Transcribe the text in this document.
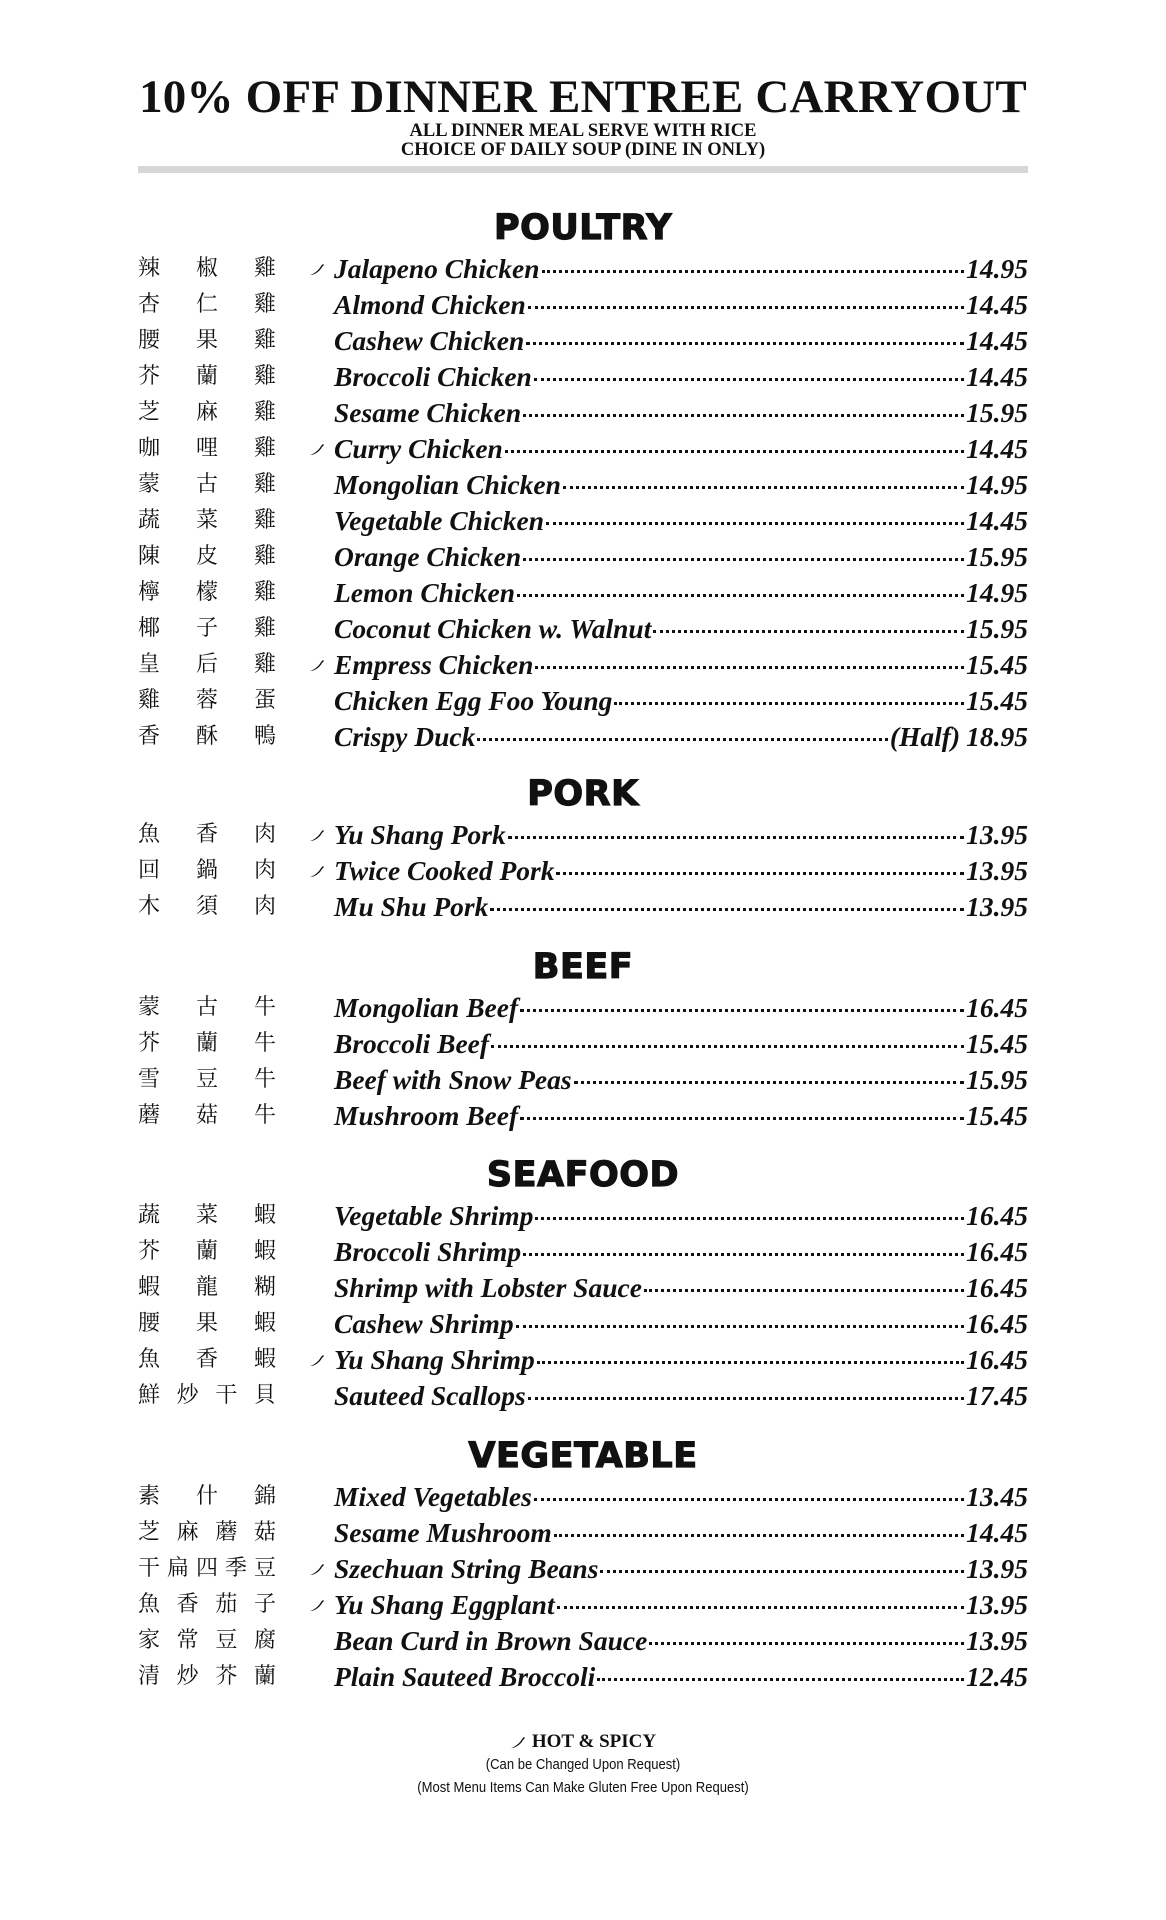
10% OFF DINNER ENTREE CARRYOUT

ALL DINNER MEAL SERVE WITH RICE

CHOICE OF DAILY SOUP (DINE IN ONLY)

POULTRY
辣 椒 雞 Jalapeno Chicken	14.95
杏 仁 雞 Almond Chicken	14.45
腰 果 雞 Cashew Chicken	14.45
芥 蘭 雞 Broccoli Chicken	14.45
芝 麻 雞 Sesame Chicken	15.95
咖 哩 雞 Curry Chicken	14.45
蒙 古 雞 Mongolian Chicken	14.95
蔬 菜 雞 Vegetable Chicken	14.45
陳 皮 雞 Orange Chicken	15.95
檸 檬 雞 Lemon Chicken	14.95
椰 子 雞 Coconut Chicken w. Walnut	15.95
皇 后 雞 Empress Chicken	15.45
雞 蓉 蛋 Chicken Egg Foo Young	15.45
香 酥 鴨 Crispy Duck	(Half) 18.95
PORK
魚 香 肉 Yu Shang Pork	13.95
回 鍋 肉 Twice Cooked Pork	13.95
木 須 肉 Mu Shu Pork	13.95
BEEF
蒙 古 牛 Mongolian Beef	16.45
芥 蘭 牛 Broccoli Beef	15.45
雪 豆 牛 Beef with Snow Peas	15.95
蘑 菇 牛 Mushroom Beef	15.45
SEAFOOD
蔬 菜 蝦 Vegetable Shrimp	16.45
芥 蘭 蝦 Broccoli Shrimp	16.45
蝦 龍 糊 Shrimp with Lobster Sauce	16.45
腰 果 蝦 Cashew Shrimp	16.45
魚 香 蝦 Yu Shang Shrimp	16.45
鮮 炒 干 貝 Sauteed Scallops	17.45
VEGETABLE
素 什 錦 Mixed Vegetables	13.45
芝 麻 蘑 菇 Sesame Mushroom	14.45
干 扁 四 季 豆 Szechuan String Beans	13.95
魚 香 茄 子 Yu Shang Eggplant	13.95
家 常 豆 腐 Bean Curd in Brown Sauce	13.95
清 炒 芥 蘭 Plain Sauteed Broccoli	12.45
HOT & SPICY
(Can be Changed Upon Request)
(Most Menu Items Can Make Gluten Free Upon Request)
